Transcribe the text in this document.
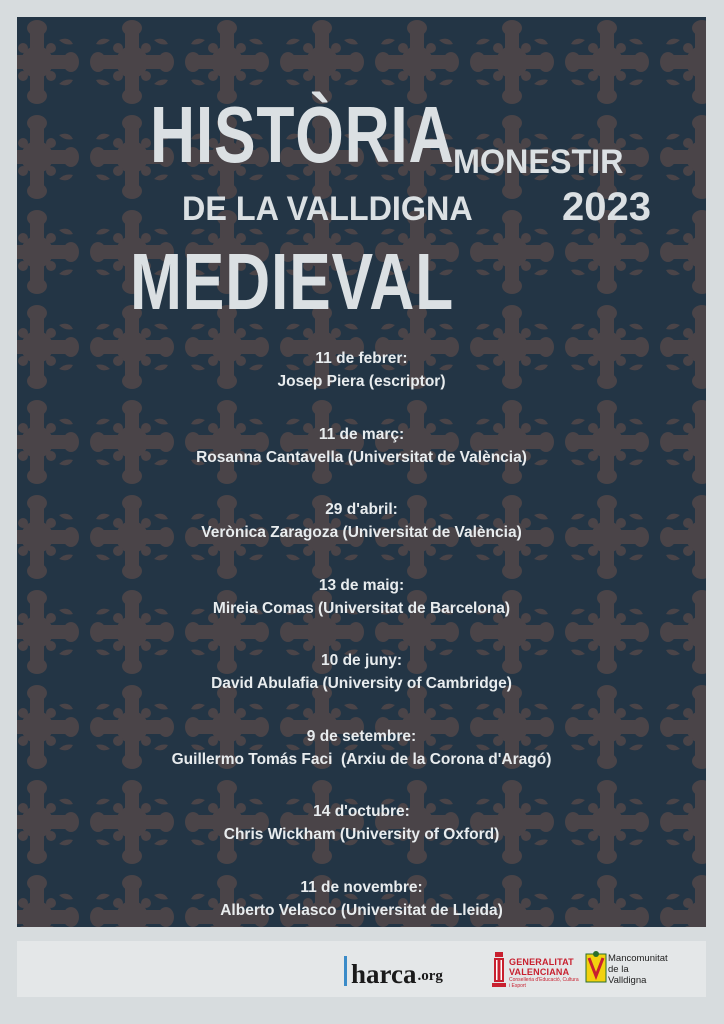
HISTÒRIA
MONESTIR
DE LA VALLDIGNA 2023
MEDIEVAL
11 de febrer:
Josep Piera (escriptor)
11 de març:
Rosanna Cantavella (Universitat de València)
29 d'abril:
Verònica Zaragoza (Universitat de València)
13 de maig:
Mireia Comas (Universitat de Barcelona)
10 de juny:
David Abulafia (University of Cambridge)
9 de setembre:
Guillermo Tomás Faci  (Arxiu de la Corona d'Aragó)
14 d'octubre:
Chris Wickham (University of Oxford)
11 de novembre:
Alberto Velasco (Universitat de Lleida)
harca .org
GENERALITAT
VALENCIANA
Conselleria d'Educació, Cultura i Esport
Mancomunitat
de la
Valldigna
